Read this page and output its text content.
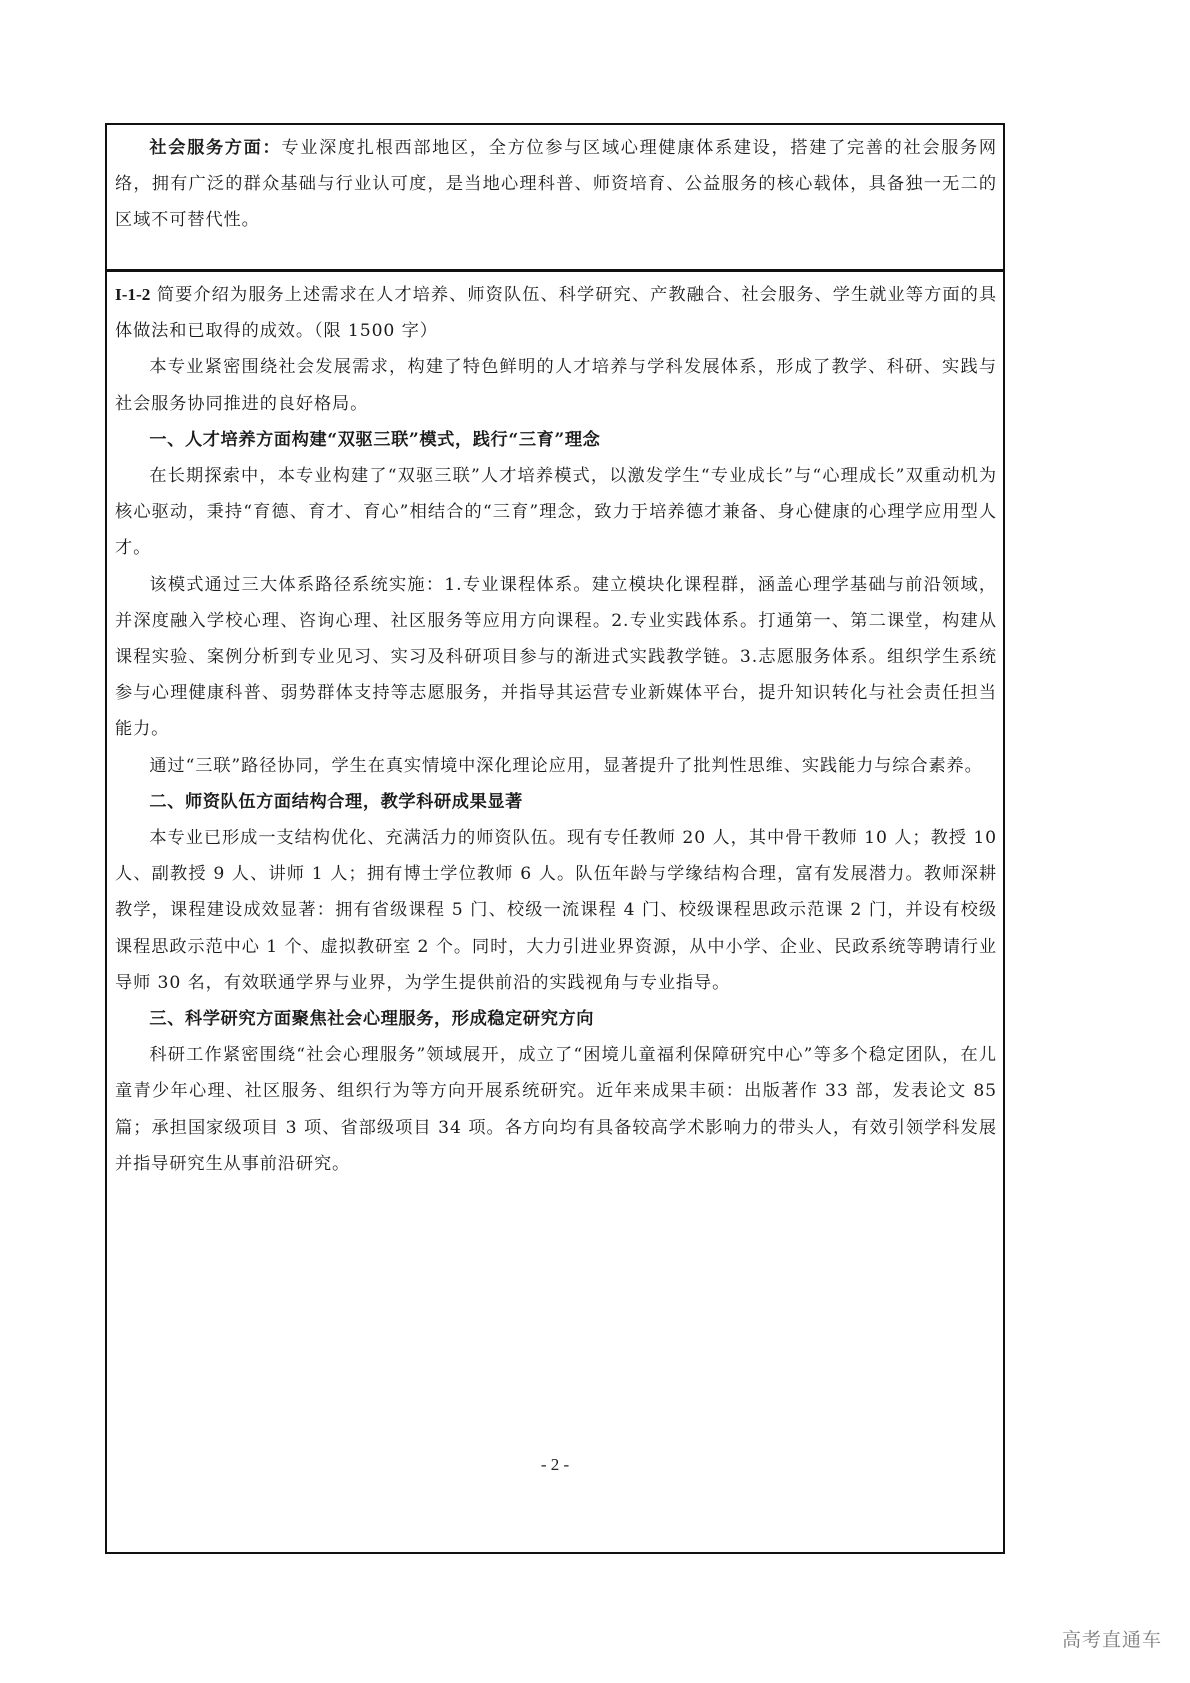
社会服务方面：专业深度扎根西部地区，全方位参与区域心理健康体系建设，搭建了完善的社会服务网络，拥有广泛的群众基础与行业认可度，是当地心理科普、师资培育、公益服务的核心载体，具备独一无二的区域不可替代性。

I-1-2 简要介绍为服务上述需求在人才培养、师资队伍、科学研究、产教融合、社会服务、学生就业等方面的具体做法和已取得的成效。（限 1500 字）

本专业紧密围绕社会发展需求，构建了特色鲜明的人才培养与学科发展体系，形成了教学、科研、实践与社会服务协同推进的良好格局。

一、人才培养方面构建“双驱三联”模式，践行“三育”理念

在长期探索中，本专业构建了“双驱三联”人才培养模式，以激发学生“专业成长”与“心理成长”双重动机为核心驱动，秉持“育德、育才、育心”相结合的“三育”理念，致力于培养德才兼备、身心健康的心理学应用型人才。

该模式通过三大体系路径系统实施：1.专业课程体系。建立模块化课程群，涵盖心理学基础与前沿领域，并深度融入学校心理、咨询心理、社区服务等应用方向课程。2.专业实践体系。打通第一、第二课堂，构建从课程实验、案例分析到专业见习、实习及科研项目参与的渐进式实践教学链。3.志愿服务体系。组织学生系统参与心理健康科普、弱势群体支持等志愿服务，并指导其运营专业新媒体平台，提升知识转化与社会责任担当能力。

通过“三联”路径协同，学生在真实情境中深化理论应用，显著提升了批判性思维、实践能力与综合素养。

二、师资队伍方面结构合理，教学科研成果显著

本专业已形成一支结构优化、充满活力的师资队伍。现有专任教师 20 人，其中骨干教师 10 人；教授 10 人、副教授 9 人、讲师 1 人；拥有博士学位教师 6 人。队伍年龄与学缘结构合理，富有发展潜力。教师深耕教学，课程建设成效显著：拥有省级课程 5 门、校级一流课程 4 门、校级课程思政示范课 2 门，并设有校级课程思政示范中心 1 个、虚拟教研室 2 个。同时，大力引进业界资源，从中小学、企业、民政系统等聘请行业导师 30 名，有效联通学界与业界，为学生提供前沿的实践视角与专业指导。

三、科学研究方面聚焦社会心理服务，形成稳定研究方向

科研工作紧密围绕“社会心理服务”领域展开，成立了“困境儿童福利保障研究中心”等多个稳定团队，在儿童青少年心理、社区服务、组织行为等方向开展系统研究。近年来成果丰硕：出版著作 33 部，发表论文 85 篇；承担国家级项目 3 项、省部级项目 34 项。各方向均有具备较高学术影响力的带头人，有效引领学科发展并指导研究生从事前沿研究。

- 2 -
高考直通车
